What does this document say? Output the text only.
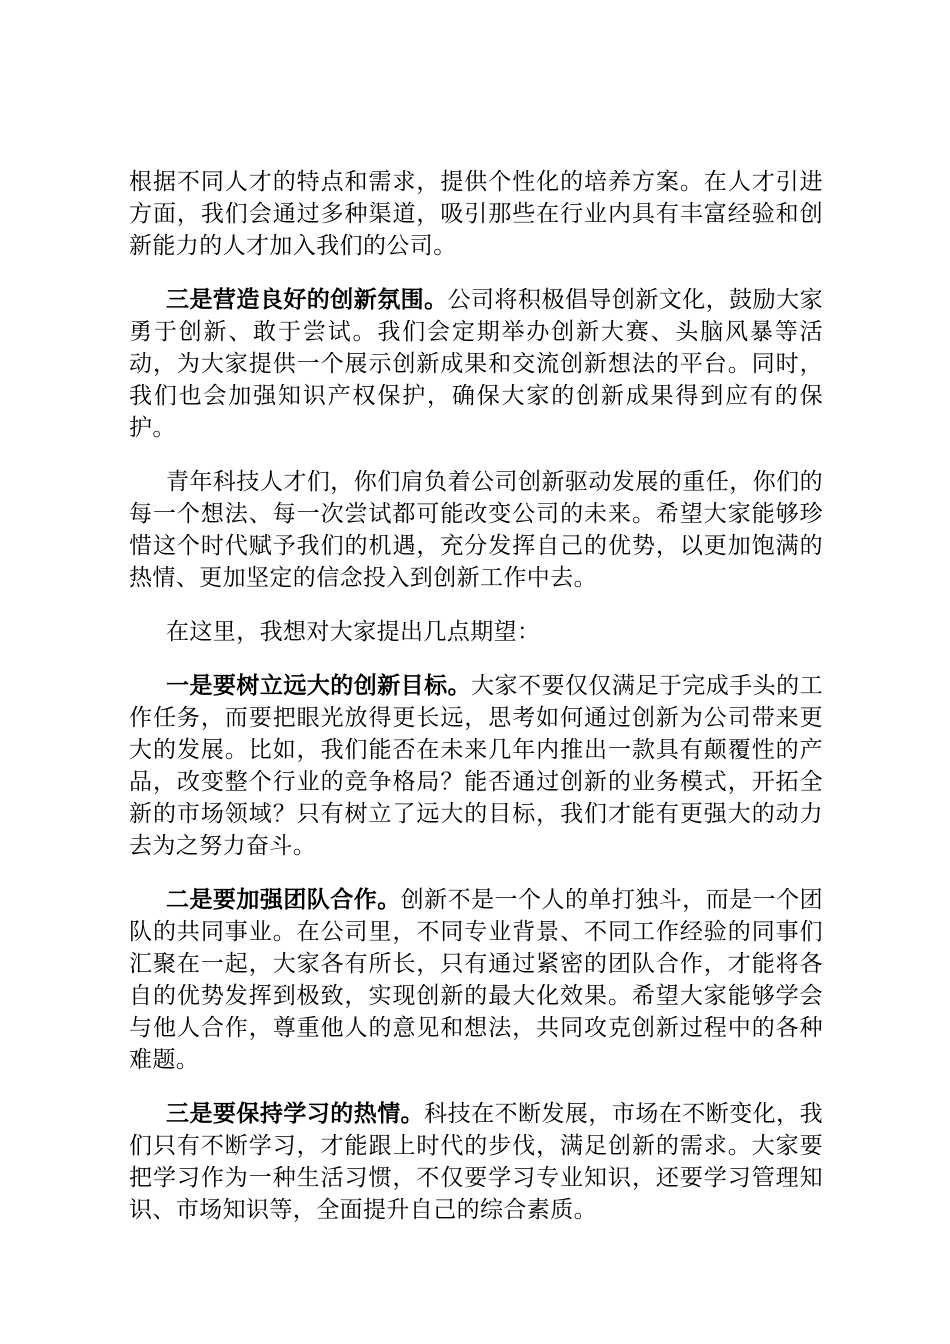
根据不同人才的特点和需求，提供个性化的培养方案。在人才引进方面，我们会通过多种渠道，吸引那些在行业内具有丰富经验和创新能力的人才加入我们的公司。

三是营造良好的创新氛围。公司将积极倡导创新文化，鼓励大家勇于创新、敢于尝试。我们会定期举办创新大赛、头脑风暴等活动，为大家提供一个展示创新成果和交流创新想法的平台。同时，我们也会加强知识产权保护，确保大家的创新成果得到应有的保护。

青年科技人才们，你们肩负着公司创新驱动发展的重任，你们的每一个想法、每一次尝试都可能改变公司的未来。希望大家能够珍惜这个时代赋予我们的机遇，充分发挥自己的优势，以更加饱满的热情、更加坚定的信念投入到创新工作中去。

在这里，我想对大家提出几点期望：

一是要树立远大的创新目标。大家不要仅仅满足于完成手头的工作任务，而要把眼光放得更长远，思考如何通过创新为公司带来更大的发展。比如，我们能否在未来几年内推出一款具有颠覆性的产品，改变整个行业的竞争格局？能否通过创新的业务模式，开拓全新的市场领域？只有树立了远大的目标，我们才能有更强大的动力去为之努力奋斗。

二是要加强团队合作。创新不是一个人的单打独斗，而是一个团队的共同事业。在公司里，不同专业背景、不同工作经验的同事们汇聚在一起，大家各有所长，只有通过紧密的团队合作，才能将各自的优势发挥到极致，实现创新的最大化效果。希望大家能够学会与他人合作，尊重他人的意见和想法，共同攻克创新过程中的各种难题。

三是要保持学习的热情。科技在不断发展，市场在不断变化，我们只有不断学习，才能跟上时代的步伐，满足创新的需求。大家要把学习作为一种生活习惯，不仅要学习专业知识，还要学习管理知识、市场知识等，全面提升自己的综合素质。
